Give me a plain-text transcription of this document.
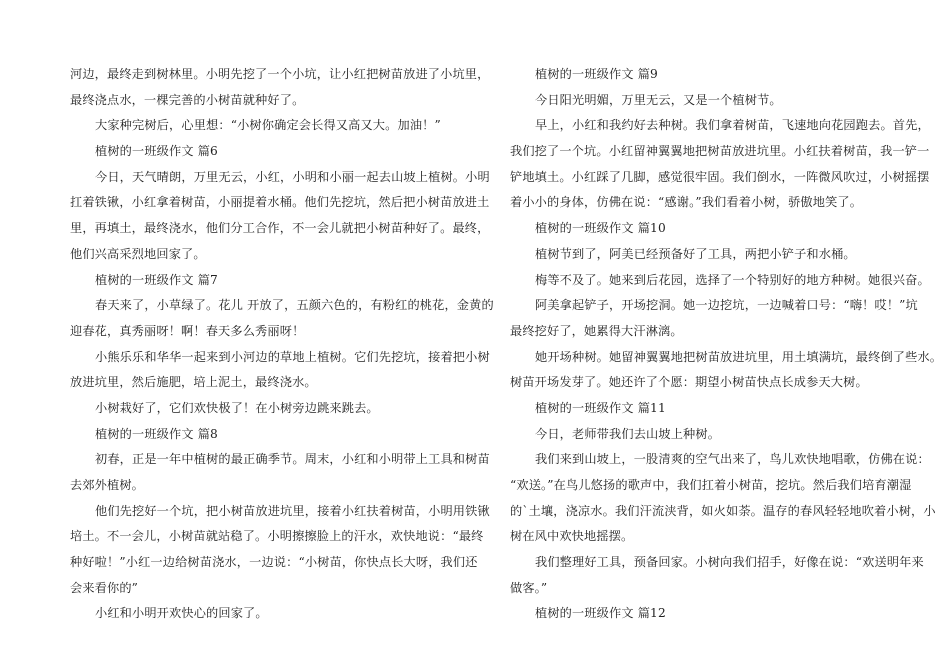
河边，最终走到树林里。小明先挖了一个小坑，让小红把树苗放进了小坑里，
最终浇点水，一棵完善的小树苗就种好了。
大家种完树后，心里想：“小树你确定会长得又高又大。加油！”
植树的一班级作文 篇6
今日，天气晴朗，万里无云，小红，小明和小丽一起去山坡上植树。小明
扛着铁锹，小红拿着树苗，小丽提着水桶。他们先挖坑，然后把小树苗放进土
里，再填土，最终浇水，他们分工合作，不一会儿就把小树苗种好了。最终，
他们兴高采烈地回家了。
植树的一班级作文 篇7
春天来了，小草绿了。花儿 开放了，五颜六色的，有粉红的桃花，金黄的
迎春花，真秀丽呀！啊！春天多么秀丽呀！
小熊乐乐和华华一起来到小河边的草地上植树。它们先挖坑，接着把小树
放进坑里，然后施肥，培上泥土，最终浇水。
小树栽好了，它们欢快极了！在小树旁边跳来跳去。
植树的一班级作文 篇8
初春，正是一年中植树的最正确季节。周末，小红和小明带上工具和树苗
去郊外植树。
他们先挖好一个坑，把小树苗放进坑里，接着小红扶着树苗，小明用铁锹
培土。不一会儿，小树苗就站稳了。小明擦擦脸上的汗水，欢快地说：“最终
种好啦！”小红一边给树苗浇水，一边说：“小树苗，你快点长大呀，我们还
会来看你的”
小红和小明开欢快心的回家了。
植树的一班级作文 篇9
今日阳光明媚，万里无云，又是一个植树节。
早上，小红和我约好去种树。我们拿着树苗，飞速地向花园跑去。首先，
我们挖了一个坑。小红留神翼翼地把树苗放进坑里。小红扶着树苗，我一铲一
铲地填土。小红踩了几脚，感觉很牢固。我们倒水，一阵微风吹过，小树摇摆
着小小的身体，仿佛在说：“感谢。”我们看着小树，骄傲地笑了。
植树的一班级作文 篇10
植树节到了，阿美已经预备好了工具，两把小铲子和水桶。
梅等不及了。她来到后花园，选择了一个特别好的地方种树。她很兴奋。
阿美拿起铲子，开场挖洞。她一边挖坑，一边喊着口号：“嗨！哎！”坑
最终挖好了，她累得大汗淋漓。
她开场种树。她留神翼翼地把树苗放进坑里，用土填满坑，最终倒了些水。
树苗开场发芽了。她还许了个愿：期望小树苗快点长成参天大树。
植树的一班级作文 篇11
今日，老师带我们去山坡上种树。
我们来到山坡上，一股清爽的空气出来了，鸟儿欢快地唱歌，仿佛在说：
“欢送。”在鸟儿悠扬的歌声中，我们扛着小树苗，挖坑。然后我们培育潮湿
的`土壤，浇凉水。我们汗流浃背，如火如荼。温存的春风轻轻地吹着小树，小
树在风中欢快地摇摆。
我们整理好工具，预备回家。小树向我们招手，好像在说：“欢送明年来
做客。”
植树的一班级作文 篇12
